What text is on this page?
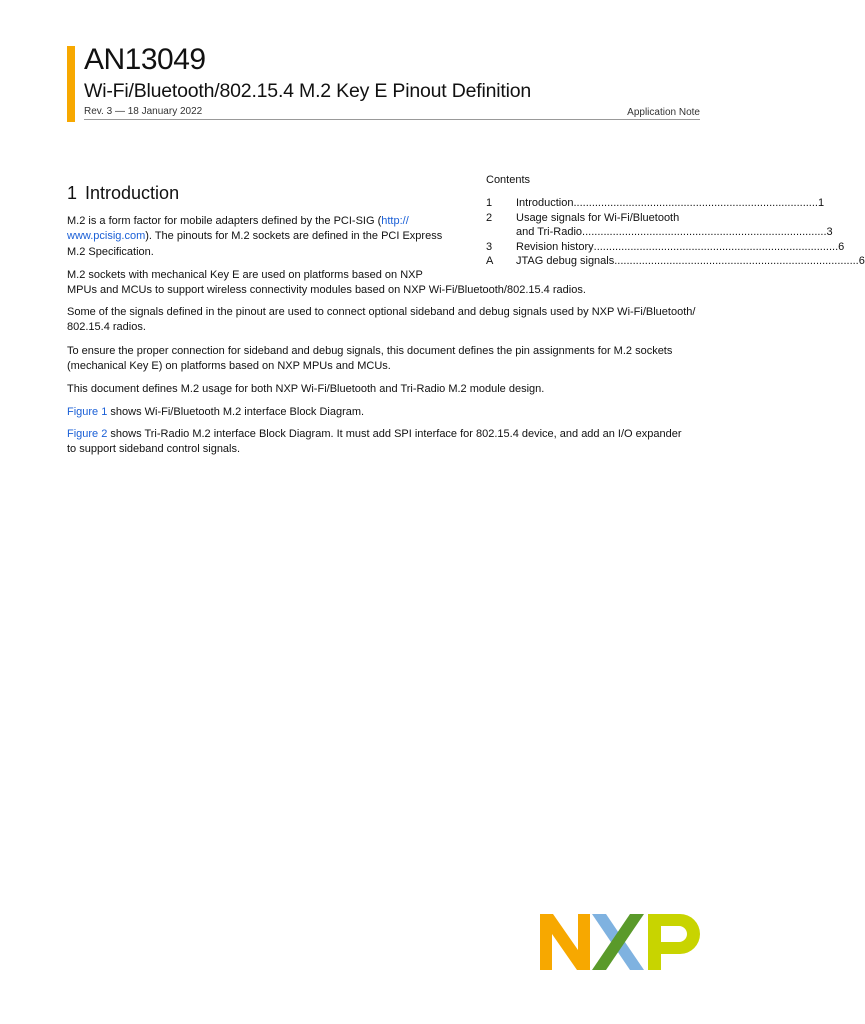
AN13049
Wi-Fi/Bluetooth/802.15.4 M.2 Key E Pinout Definition
Rev. 3 — 18 January 2022	Application Note
1 Introduction

M.2 is a form factor for mobile adapters defined by the PCI-SIG (http://
www.pcisig.com). The pinouts for M.2 sockets are defined in the PCI Express
M.2 Specification.

M.2 sockets with mechanical Key E are used on platforms based on NXP
MPUs and MCUs to support wireless connectivity modules based on NXP Wi-Fi/Bluetooth/802.15.4 radios.

Some of the signals defined in the pinout are used to connect optional sideband and debug signals used by NXP Wi-Fi/Bluetooth/
802.15.4 radios.

To ensure the proper connection for sideband and debug signals, this document defines the pin assignments for M.2 sockets
(mechanical Key E) on platforms based on NXP MPUs and MCUs.

This document defines M.2 usage for both NXP Wi-Fi/Bluetooth and Tri-Radio M.2 module design.

Figure 1 shows Wi-Fi/Bluetooth M.2 interface Block Diagram.

Figure 2 shows Tri-Radio M.2 interface Block Diagram. It must add SPI interface for 802.15.4 device, and add an I/O expander
to support sideband control signals.

Contents
1	Introduction .....	1
2	Usage signals for Wi-Fi/Bluetooth
and Tri-Radio .....	3
3	Revision history .....	6
A	JTAG debug signals .....	6
